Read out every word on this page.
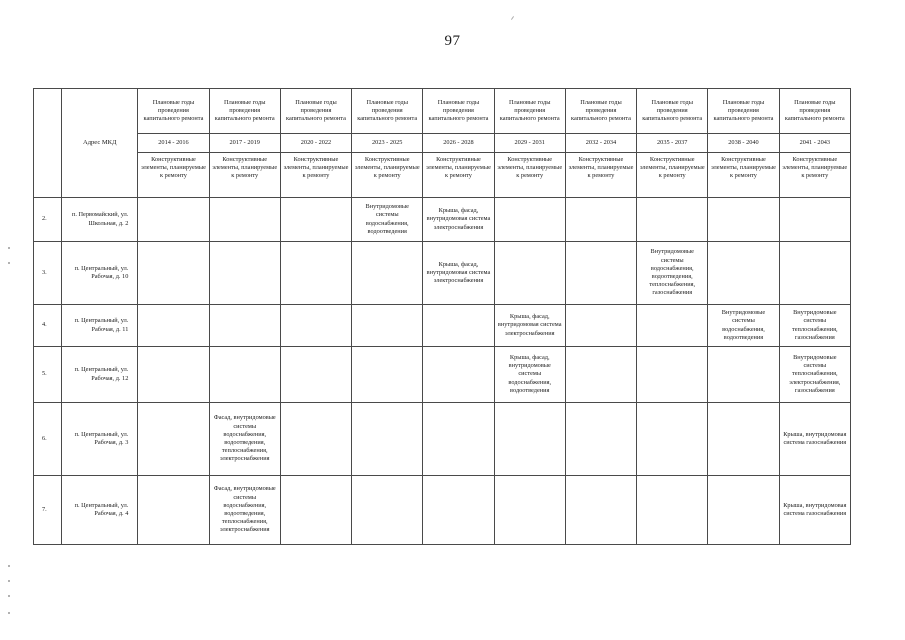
97
	Адрес МКД	Плановые годы проведения капитального ремонта	Плановые годы проведения капитального ремонта	Плановые годы проведения капитального ремонта	Плановые годы проведения капитального ремонта	Плановые годы проведения капитального ремонта	Плановые годы проведения капитального ремонта	Плановые годы проведения капитального ремонта	Плановые годы проведения капитального ремонта	Плановые годы проведения капитального ремонта	Плановые годы проведения капитального ремонта
		2014 - 2016	2017 - 2019	2020 - 2022	2023 - 2025	2026 - 2028	2029 - 2031	2032 - 2034	2035 - 2037	2038 - 2040	2041 - 2043
		Конструктивные элементы, планируемые к ремонту	Конструктивные элементы, планируемые к ремонту	Конструктивные элементы, планируемые к ремонту	Конструктивные элементы, планируемые к ремонту	Конструктивные элементы, планируемые к ремонту	Конструктивные элементы, планируемые к ремонту	Конструктивные элементы, планируемые к ремонту	Конструктивные элементы, планируемые к ремонту	Конструктивные элементы, планируемые к ремонту	Конструктивные элементы, планируемые к ремонту
2.	п. Первомайский, ул. Школьная, д. 2				Внутридомовые системы водоснабжения, водоотведения	Крыша, фасад, внутридомовая система электроснабжения					
3.	п. Центральный, ул. Рабочая, д. 10					Крыша, фасад, внутридомовая система электроснабжения			Внутридомовые системы водоснабжения, водоотведения, теплоснабжения, газоснабжения		
4.	п. Центральный, ул. Рабочая, д. 11						Крыша, фасад, внутридомовая система электроснабжения			Внутридомовые системы водоснабжения, водоотведения	Внутридомовые системы теплоснабжения, газоснабжения
5.	п. Центральный, ул. Рабочая, д. 12						Крыша, фасад, внутридомовые системы водоснабжения, водоотведения				Внутридомовые системы теплоснабжения, электроснабжения, газоснабжения
6.	п. Центральный, ул. Рабочая, д. 3		Фасад, внутридомовые системы водоснабжения, водоотведения, теплоснабжения, электроснабжения								Крыша, внутридомовая система газоснабжения
7.	п. Центральный, ул. Рабочая, д. 4		Фасад, внутридомовые системы водоснабжения, водоотведения, теплоснабжения, электроснабжения								Крыша, внутридомовая система газоснабжения
